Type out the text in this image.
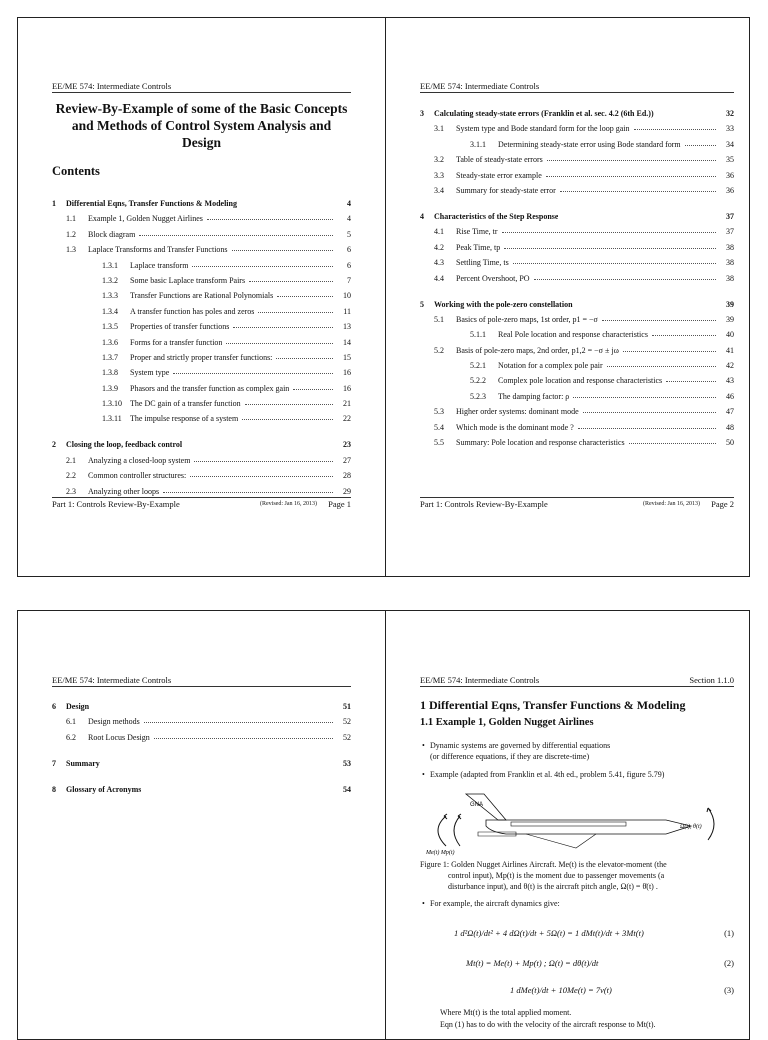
EE/ME 574: Intermediate Controls
Review-By-Example of some of the Basic Concepts and Methods of Control System Analysis and Design
Contents
1	Differential Eqns, Transfer Functions & Modeling	4
1.1	Example 1, Golden Nugget Airlines	4
1.2	Block diagram	5
1.3	Laplace Transforms and Transfer Functions	6
1.3.1	Laplace transform	6
1.3.2	Some basic Laplace transform Pairs	7
1.3.3	Transfer Functions are Rational Polynomials	10
1.3.4	A transfer function has poles and zeros	11
1.3.5	Properties of transfer functions	13
1.3.6	Forms for a transfer function	14
1.3.7	Proper and strictly proper transfer functions:	15
1.3.8	System type	16
1.3.9	Phasors and the transfer function as complex gain	16
1.3.10	The DC gain of a transfer function	21
1.3.11	The impulse response of a system	22
2	Closing the loop, feedback control	23
2.1	Analyzing a closed-loop system	27
2.2	Common controller structures:	28
2.3	Analyzing other loops	29
Part 1: Controls Review-By-Example	(Revised: Jan 16, 2013) Page 1
EE/ME 574: Intermediate Controls
3	Calculating steady-state errors (Franklin et al. sec. 4.2 (6th Ed.))	32
3.1	System type and Bode standard form for the loop gain	33
3.1.1	Determining steady-state error using Bode standard form	34
3.2	Table of steady-state errors	35
3.3	Steady-state error example	36
3.4	Summary for steady-state error	36
4	Characteristics of the Step Response	37
4.1	Rise Time, tr	37
4.2	Peak Time, tp	38
4.3	Settling Time, ts	38
4.4	Percent Overshoot, PO	38
5	Working with the pole-zero constellation	39
5.1	Basics of pole-zero maps, 1st order, p1 = −σ	39
5.1.1	Real Pole location and response characteristics	40
5.2	Basis of pole-zero maps, 2nd order, p1,2 = −σ ± jω	41
5.2.1	Notation for a complex pole pair	42
5.2.2	Complex pole location and response characteristics	43
5.2.3	The damping factor: ρ	46
5.3	Higher order systems: dominant mode	47
5.4	Which mode is the dominant mode ?	48
5.5	Summary: Pole location and response characteristics	50
Part 1: Controls Review-By-Example	(Revised: Jan 16, 2013) Page 2
EE/ME 574: Intermediate Controls
6	Design	51
6.1	Design methods	52
6.2	Root Locus Design	52
7	Summary	53
8	Glossary of Acronyms	54
EE/ME 574: Intermediate Controls	Section 1.1.0
1 Differential Eqns, Transfer Functions & Modeling
1.1 Example 1, Golden Nugget Airlines
• Dynamic systems are governed by differential equations
(or difference equations, if they are discrete-time)
• Example (adapted from Franklin et al. 4th ed., problem 5.41, figure 5.79)
GNA
Ω(t), θ(t)
Me(t) Mp(t)
Figure 1: Golden Nugget Airlines Aircraft. Me(t) is the elevator-moment (the
control input), Mp(t) is the moment due to passenger movements (a
disturbance input), and θ(t) is the aircraft pitch angle, Ω(t) = θ̇(t) .
• For example, the aircraft dynamics give:
1 d²Ω(t)/dt² + 4 dΩ(t)/dt + 5Ω(t) = 1 dMt(t)/dt + 3Mt(t)	(1)
Mt(t) = Me(t) + Mp(t) ; Ω(t) = dθ(t)/dt	(2)
1 dMe(t)/dt + 10Me(t) = 7v(t)	(3)
Where Mt(t) is the total applied moment.
Eqn (1) has to do with the velocity of the aircraft response to Mt(t).
